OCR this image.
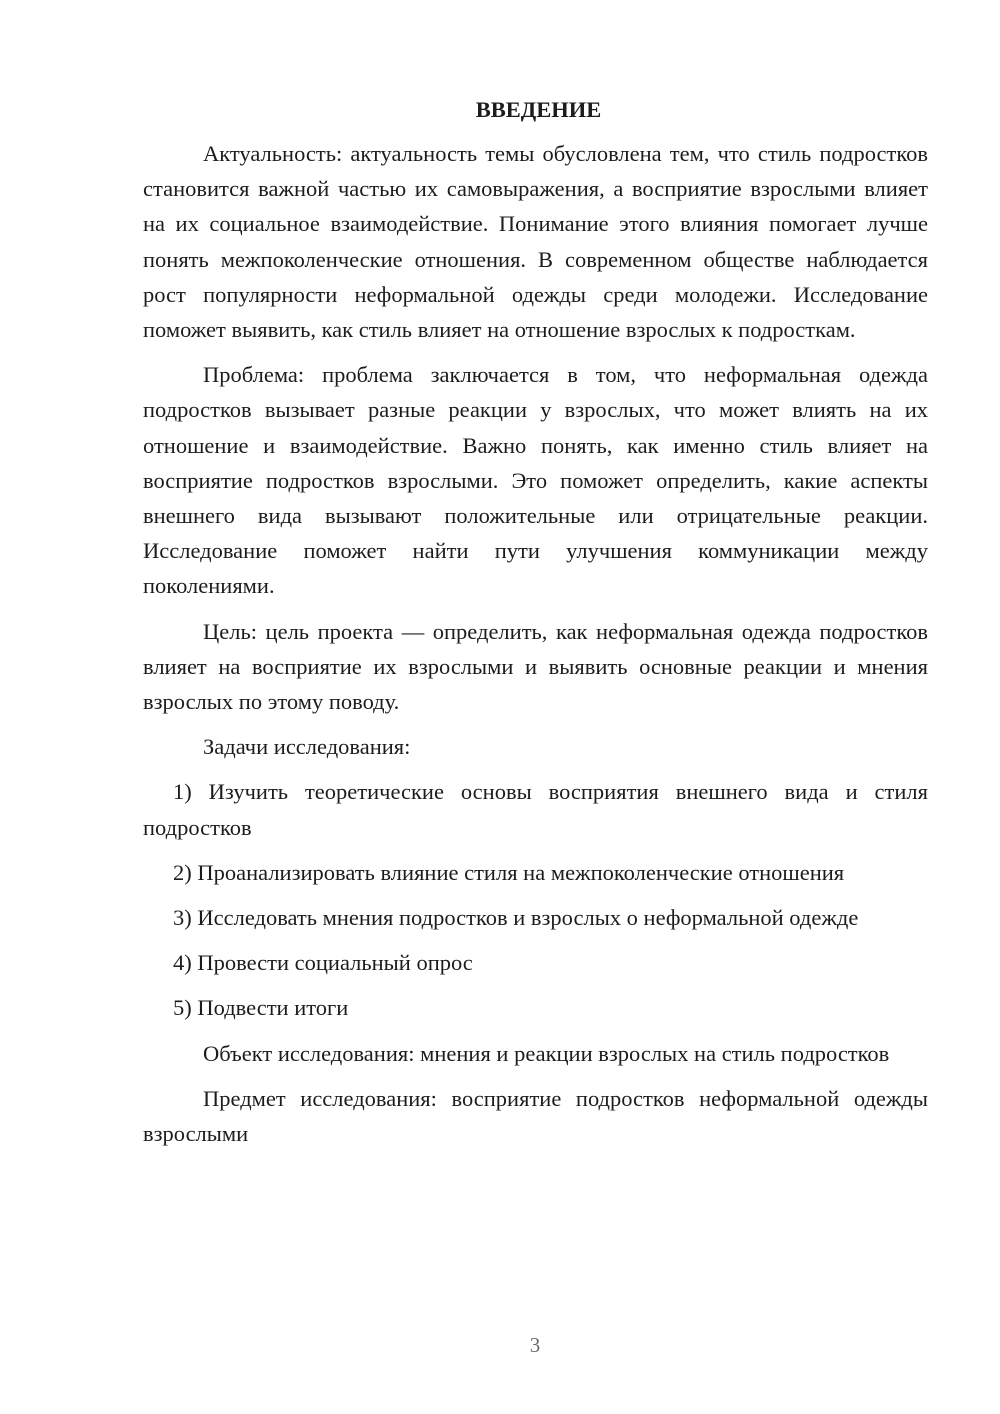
ВВЕДЕНИЕ

Актуальность: актуальность темы обусловлена тем, что стиль подростков становится важной частью их самовыражения, а восприятие взрослыми влияет на их социальное взаимодействие. Понимание этого влияния помогает лучше понять межпоколенческие отношения. В современном обществе наблюдается рост популярности неформальной одежды среди молодежи. Исследование поможет выявить, как стиль влияет на отношение взрослых к подросткам.

Проблема: проблема заключается в том, что неформальная одежда подростков вызывает разные реакции у взрослых, что может влиять на их отношение и взаимодействие. Важно понять, как именно стиль влияет на восприятие подростков взрослыми. Это поможет определить, какие аспекты внешнего вида вызывают положительные или отрицательные реакции. Исследование поможет найти пути улучшения коммуникации между поколениями.

Цель: цель проекта — определить, как неформальная одежда подростков влияет на восприятие их взрослыми и выявить основные реакции и мнения взрослых по этому поводу.

Задачи исследования:

1) Изучить теоретические основы восприятия внешнего вида и стиля подростков

2) Проанализировать влияние стиля на межпоколенческие отношения

3) Исследовать мнения подростков и взрослых о неформальной одежде

4) Провести социальный опрос

5) Подвести итоги

Объект исследования: мнения и реакции взрослых на стиль подростков

Предмет исследования: восприятие подростков неформальной одежды взрослыми

3
